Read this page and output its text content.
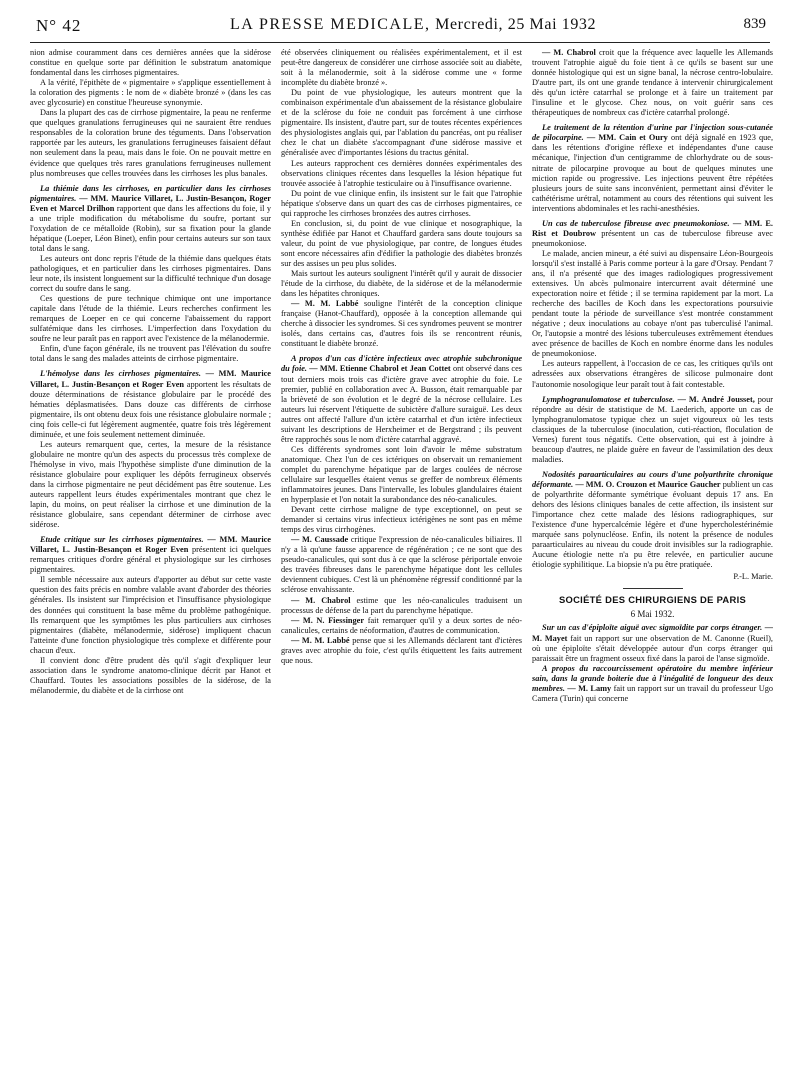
N° 42	LA PRESSE MEDICALE, Mercredi, 25 Mai 1932	839

nion admise couramment dans ces dernières années que la sidérose constitue en quelque sorte par définition le substratum anatomique fondamental dans les cirrhoses pigmentaires.

A la vérité, l'épithète de « pigmentaire » s'applique essentiellement à la coloration des pigments : le nom de « diabète bronzé » (dans les cas avec glycosurie) en constitue l'heureuse synonymie.

Dans la plupart des cas de cirrhose pigmentaire, la peau ne renferme que quelques granulations ferrugineuses qui ne sauraient être rendues responsables de la coloration brune des téguments. Dans l'observation rapportée par les auteurs, les granulations ferrugineuses faisaient défaut non seulement dans la peau, mais dans le foie. On ne pouvait mettre en évidence que quelques très rares granulations ferrugineuses nullement plus nombreuses que celles trouvées dans les cirrhoses les plus banales.

La thiémie dans les cirrhoses, en particulier dans les cirrhoses pigmentaires. — MM. Maurice Villaret, L. Justin-Besançon, Roger Even et Marcel Drilhon rapportent que dans les affections du foie, il y a une triple modification du métabolisme du soufre, portant sur l'oxydation de ce métalloïde (Robin), sur sa fixation pour la glande hépatique (Loeper, Léon Binet), enfin pour certains auteurs sur son taux total dans le sang.

Les auteurs ont donc repris l'étude de la thiémie dans quelques états pathologiques, et en particulier dans les cirrhoses pigmentaires. Dans leur note, ils insistent longuement sur la difficulté technique d'un dosage correct du soufre dans le sang.

Ces questions de pure technique chimique ont une importance capitale dans l'étude de la thiémie. Leurs recherches confirment les remarques de Loeper en ce qui concerne l'abaissement du rapport sulfatémique dans les cirrhoses. L'imperfection dans l'oxydation du soufre ne leur paraît pas en rapport avec l'existence de la mélanodermie.

Enfin, d'une façon générale, ils ne trouvent pas l'élévation du soufre total dans le sang des malades atteints de cirrhose pigmentaire.

L'hémolyse dans les cirrhoses pigmentaires. — MM. Maurice Villaret, L. Justin-Besançon et Roger Even apportent les résultats de douze déterminations de résistance globulaire par le procédé des hématies déplasmatisées. Dans douze cas différents de cirrhose pigmentaire, ils ont obtenu deux fois une résistance globulaire normale ; cinq fois celle-ci fut légèrement augmentée, quatre fois très légèrement diminuée, et une fois seulement nettement diminuée.

Les auteurs remarquent que, certes, la mesure de la résistance globulaire ne montre qu'un des aspects du processus très complexe de l'hémolyse in vivo, mais l'hypothèse simpliste d'une diminution de la résistance globulaire pour expliquer les dépôts ferrugineux observés dans la cirrhose pigmentaire ne peut décidément pas être soutenue. Les auteurs rappellent leurs études expérimentales montrant que chez le lapin, du moins, on peut réaliser la cirrhose et une diminution de la résistance globulaire, sans cependant déterminer de cirrhose avec sidérose.

Etude critique sur les cirrhoses pigmentaires. — MM. Maurice Villaret, L. Justin-Besançon et Roger Even présentent ici quelques remarques critiques d'ordre général et physiologique sur les cirrhoses pigmentaires.

Il semble nécessaire aux auteurs d'apporter au début sur cette vaste question des faits précis en nombre valable avant d'aborder des théories générales. Ils insistent sur l'imprécision et l'insuffisance physiologique des données qui constituent la base même du problème pathogénique. Ils remarquent que les symptômes les plus particuliers aux cirrhoses pigmentaires (diabète, mélanodermie, sidérose) impliquent chacun l'atteinte d'une fonction physiologique très complexe et différente pour chacun d'eux.

Il convient donc d'être prudent dès qu'il s'agit d'expliquer leur association dans le syndrome anatomo-clinique décrit par Hanot et Chauffard. Toutes les associations possibles de la sidérose, de la mélanodermie, du diabète et de la cirrhose ont

été observées cliniquement ou réalisées expérimentalement, et il est peut-être dangereux de considérer une cirrhose associée soit au diabète, soit à la mélanodermie, soit à la sidérose comme une « forme incomplète du diabète bronzé ».

Du point de vue physiologique, les auteurs montrent que la combinaison expérimentale d'un abaissement de la résistance globulaire et de la sclérose du foie ne conduit pas forcément à une cirrhose pigmentaire. Ils insistent, d'autre part, sur de toutes récentes expériences des physiologistes anglais qui, par l'ablation du pancréas, ont pu réaliser chez le chat un diabète s'accompagnant d'une sidérose massive et généralisée avec d'importantes lésions du tractus génital.

Les auteurs rapprochent ces dernières données expérimentales des observations cliniques récentes dans lesquelles la lésion hépatique fut trouvée associée à l'atrophie testiculaire ou à l'insuffisance ovarienne.

Du point de vue clinique enfin, ils insistent sur le fait que l'atrophie hépatique s'observe dans un quart des cas de cirrhoses pigmentaires, ce qui rapproche les cirrhoses bronzées des autres cirrhoses.

En conclusion, si, du point de vue clinique et nosographique, la synthèse édifiée par Hanot et Chauffard gardera sans doute toujours sa valeur, du point de vue physiologique, par contre, de longues études sont encore nécessaires afin d'édifier la pathologie des diabètes bronzés sur des assises un peu plus solides.

Mais surtout les auteurs soulignent l'intérêt qu'il y aurait de dissocier l'étude de la cirrhose, du diabète, de la sidérose et de la mélanodermie dans les hépatites chroniques.

— M. M. Labbé souligne l'intérêt de la conception clinique française (Hanot-Chauffard), opposée à la conception allemande qui cherche à dissocier les syndromes. Si ces syndromes peuvent se montrer isolés, dans certains cas, d'autres fois ils se rencontrent réunis, constituant le diabète bronzé.

A propos d'un cas d'ictère infectieux avec atrophie subchronique du foie. — MM. Etienne Chabrol et Jean Cottet ont observé dans ces tout derniers mois trois cas d'ictère grave avec atrophie du foie. Le premier, publié en collaboration avec A. Busson, était remarquable par la brièveté de son évolution et le degré de la nécrose cellulaire. Les auteurs lui réservent l'étiquette de subictère d'allure suraiguë. Les deux autres ont affecté l'allure d'un ictère catarrhal et d'un ictère infectieux suivant les descriptions de Herxheimer et de Bergstrand ; ils peuvent être rapprochés sous le nom d'ictère catarrhal aggravé.

Ces différents syndromes sont loin d'avoir le même substratum anatomique. Chez l'un de ces ictériques on observait un remaniement complet du parenchyme hépatique par de larges coulées de nécrose cellulaire sur lesquelles étaient venus se greffer de nombreux éléments inflammatoires jeunes. Dans l'intervalle, les lobules glandulaires étaient en hyperplasie et l'on notait la surabondance des néo-canalicules.

Devant cette cirrhose maligne de type exceptionnel, on peut se demander si certains virus infectieux ictérigènes ne sont pas en même temps des virus cirrhogènes.

— M. Caussade critique l'expression de néo-canalicules biliaires. Il n'y a là qu'une fausse apparence de régénération ; ce ne sont que des pseudo-canalicules, qui sont dus à ce que la sclérose périportale envoie des travées fibreuses dans le parenchyme hépatique dont les cellules deviennent cubiques. C'est là un phénomène régressif conditionné par la sclérose envahissante.

— M. Chabrol estime que les néo-canalicules traduisent un processus de défense de la part du parenchyme hépatique.

— M. N. Fiessinger fait remarquer qu'il y a deux sortes de néo-canalicules, certains de néoformation, d'autres de communication.

— M. M. Labbé pense que si les Allemands déclarent tant d'ictères graves avec atrophie du foie, c'est qu'ils étiquettent les faits autrement que nous.

— M. Chabrol croit que la fréquence avec laquelle les Allemands trouvent l'atrophie aiguë du foie tient à ce qu'ils se basent sur une donnée histologique qui est un signe banal, la nécrose centro-lobulaire. D'autre part, ils ont une grande tendance à intervenir chirurgicalement dès qu'un ictère catarrhal se prolonge et à faire un traitement par l'insuline et le glycose. Chez nous, on voit guérir sans ces thérapeutiques de nombreux cas d'ictère catarrhal prolongé.

Le traitement de la rétention d'urine par l'injection sous-cutanée de pilocarpine. — MM. Cain et Oury ont déjà signalé en 1923 que, dans les rétentions d'origine réflexe et indépendantes d'une cause mécanique, l'injection d'un centigramme de chlorhydrate ou de sous-nitrate de pilocarpine provoque au bout de quelques minutes une miction rapide ou progressive. Les injections peuvent être répétées plusieurs jours de suite sans inconvénient, permettant ainsi d'éviter le cathétérisme urétral, notamment au cours des rétentions qui suivent les interventions abdominales et les rachi-anesthésies.

Un cas de tuberculose fibreuse avec pneumokoniose. — MM. E. Rist et Doubrow présentent un cas de tuberculose fibreuse avec pneumokoniose.

Le malade, ancien mineur, a été suivi au dispensaire Léon-Bourgeois lorsqu'il s'est installé à Paris comme porteur à la gare d'Orsay. Pendant 7 ans, il n'a présenté que des images radiologiques progressivement extensives. Un abcès pulmonaire intercurrent avait déterminé une expectoration noire et fétide ; il se termina rapidement par la mort. La recherche des bacilles de Koch dans les expectorations poursuivie pendant toute la période de surveillance s'est montrée constamment négative ; deux inoculations au cobaye n'ont pas tuberculisé l'animal. Or, l'autopsie a montré des lésions tuberculeuses extrêmement étendues avec présence de bacilles de Koch en nombre énorme dans les nodules de pneumokoniose.

Les auteurs rappellent, à l'occasion de ce cas, les critiques qu'ils ont adressées aux observations étrangères de silicose pulmonaire dont l'autonomie nosologique leur paraît tout à fait contestable.

Lymphogranulomatose et tuberculose. — M. André Jousset, pour répondre au désir de statistique de M. Laederich, apporte un cas de lymphogranulomatose typique chez un sujet vigoureux où les tests classiques de la tuberculose (inoculation, cuti-réaction, floculation de Vernes) furent tous négatifs. Cette observation, qui est à joindre à beaucoup d'autres, ne plaide guère en faveur de l'assimilation des deux maladies.

Nodosités paraarticulaires au cours d'une polyarthrite chronique déformante. — MM. O. Crouzon et Maurice Gaucher publient un cas de polyarthrite déformante symétrique évoluant depuis 17 ans. En dehors des lésions cliniques banales de cette affection, ils insistent sur l'importance chez cette malade des lésions radiographiques, sur l'existence d'une hypercalcémie légère et d'une hypercholestérinémie marquée sans polynucléose. Enfin, ils notent la présence de nodules paraarticulaires au niveau du coude droit invisibles sur la radiographie. Aucune étiologie nette n'a pu être relevée, en particulier aucune étiologie syphilitique. La biopsie n'a pu être pratiquée.

P.-L. Marie.

SOCIÉTÉ DES CHIRURGIENS DE PARIS
6 Mai 1932.

Sur un cas d'épiploïte aiguë avec sigmoïdite par corps étranger. — M. Mayet fait un rapport sur une observation de M. Canonne (Rueil), où une épiploïte s'était développée autour d'un corps étranger qui paraissait être un fragment osseux fixé dans la paroi de l'anse sigmoïde.

A propos du raccourcissement opératoire du membre inférieur sain, dans la grande boiterie due à l'inégalité de longueur des deux membres. — M. Lamy fait un rapport sur un travail du professeur Ugo Camera (Turin) qui concerne
